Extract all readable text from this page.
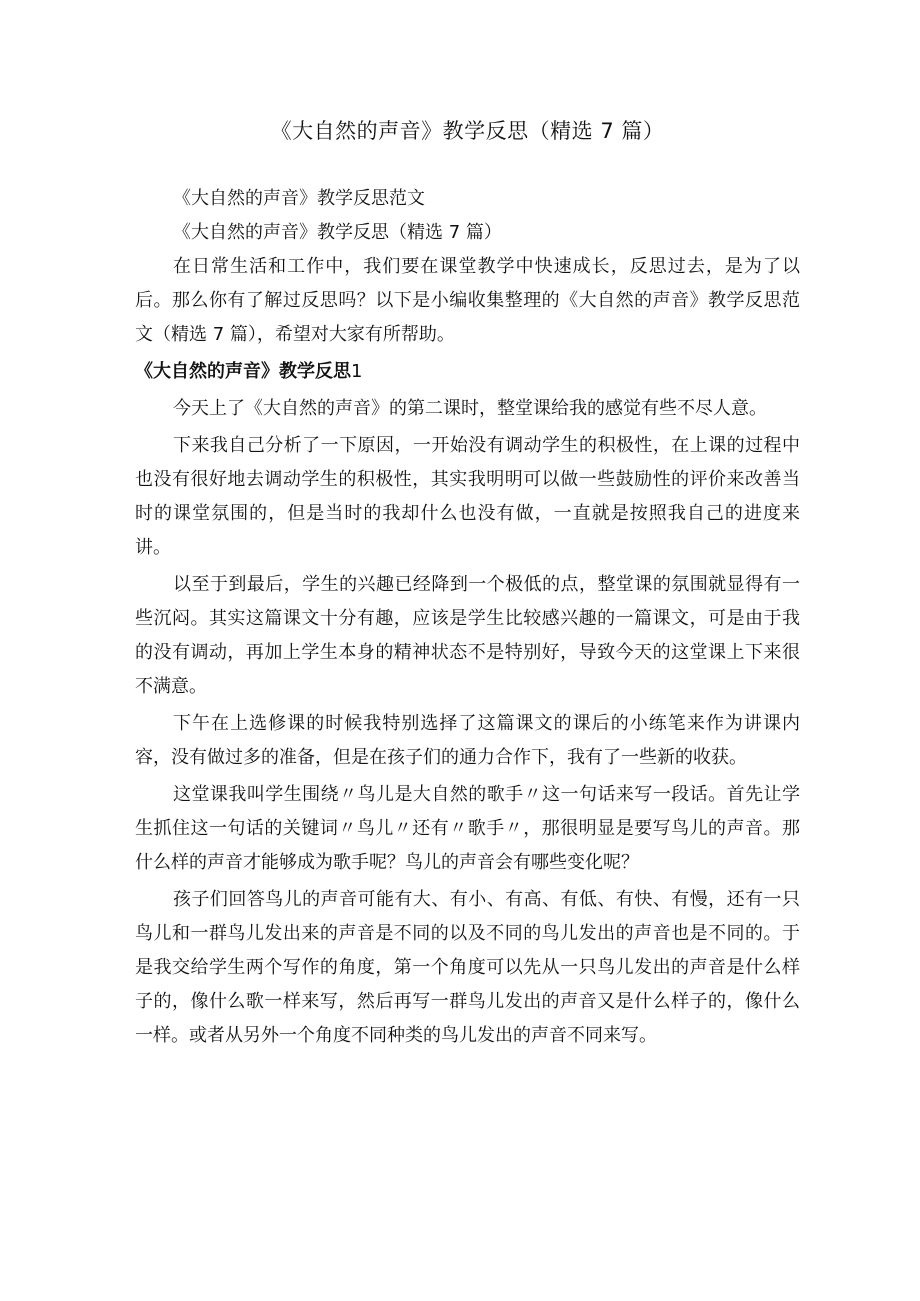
《大自然的声音》教学反思（精选 7 篇）

《大自然的声音》教学反思范文

《大自然的声音》教学反思（精选 7 篇）

在日常生活和工作中，我们要在课堂教学中快速成长，反思过去，是为了以后。那么你有了解过反思吗？以下是小编收集整理的《大自然的声音》教学反思范文（精选 7 篇），希望对大家有所帮助。

《大自然的声音》教学反思1

今天上了《大自然的声音》的第二课时，整堂课给我的感觉有些不尽人意。

下来我自己分析了一下原因，一开始没有调动学生的积极性，在上课的过程中也没有很好地去调动学生的积极性，其实我明明可以做一些鼓励性的评价来改善当时的课堂氛围的，但是当时的我却什么也没有做，一直就是按照我自己的进度来讲。

以至于到最后，学生的兴趣已经降到一个极低的点，整堂课的氛围就显得有一些沉闷。其实这篇课文十分有趣，应该是学生比较感兴趣的一篇课文，可是由于我的没有调动，再加上学生本身的精神状态不是特别好，导致今天的这堂课上下来很不满意。

下午在上选修课的时候我特别选择了这篇课文的课后的小练笔来作为讲课内容，没有做过多的准备，但是在孩子们的通力合作下，我有了一些新的收获。

这堂课我叫学生围绕〃鸟儿是大自然的歌手〃这一句话来写一段话。首先让学生抓住这一句话的关键词〃鸟儿〃还有〃歌手〃，那很明显是要写鸟儿的声音。那什么样的声音才能够成为歌手呢？鸟儿的声音会有哪些变化呢？

孩子们回答鸟儿的声音可能有大、有小、有高、有低、有快、有慢，还有一只鸟儿和一群鸟儿发出来的声音是不同的以及不同的鸟儿发出的声音也是不同的。于是我交给学生两个写作的角度，第一个角度可以先从一只鸟儿发出的声音是什么样子的，像什么歌一样来写，然后再写一群鸟儿发出的声音又是什么样子的，像什么一样。或者从另外一个角度不同种类的鸟儿发出的声音不同来写。
